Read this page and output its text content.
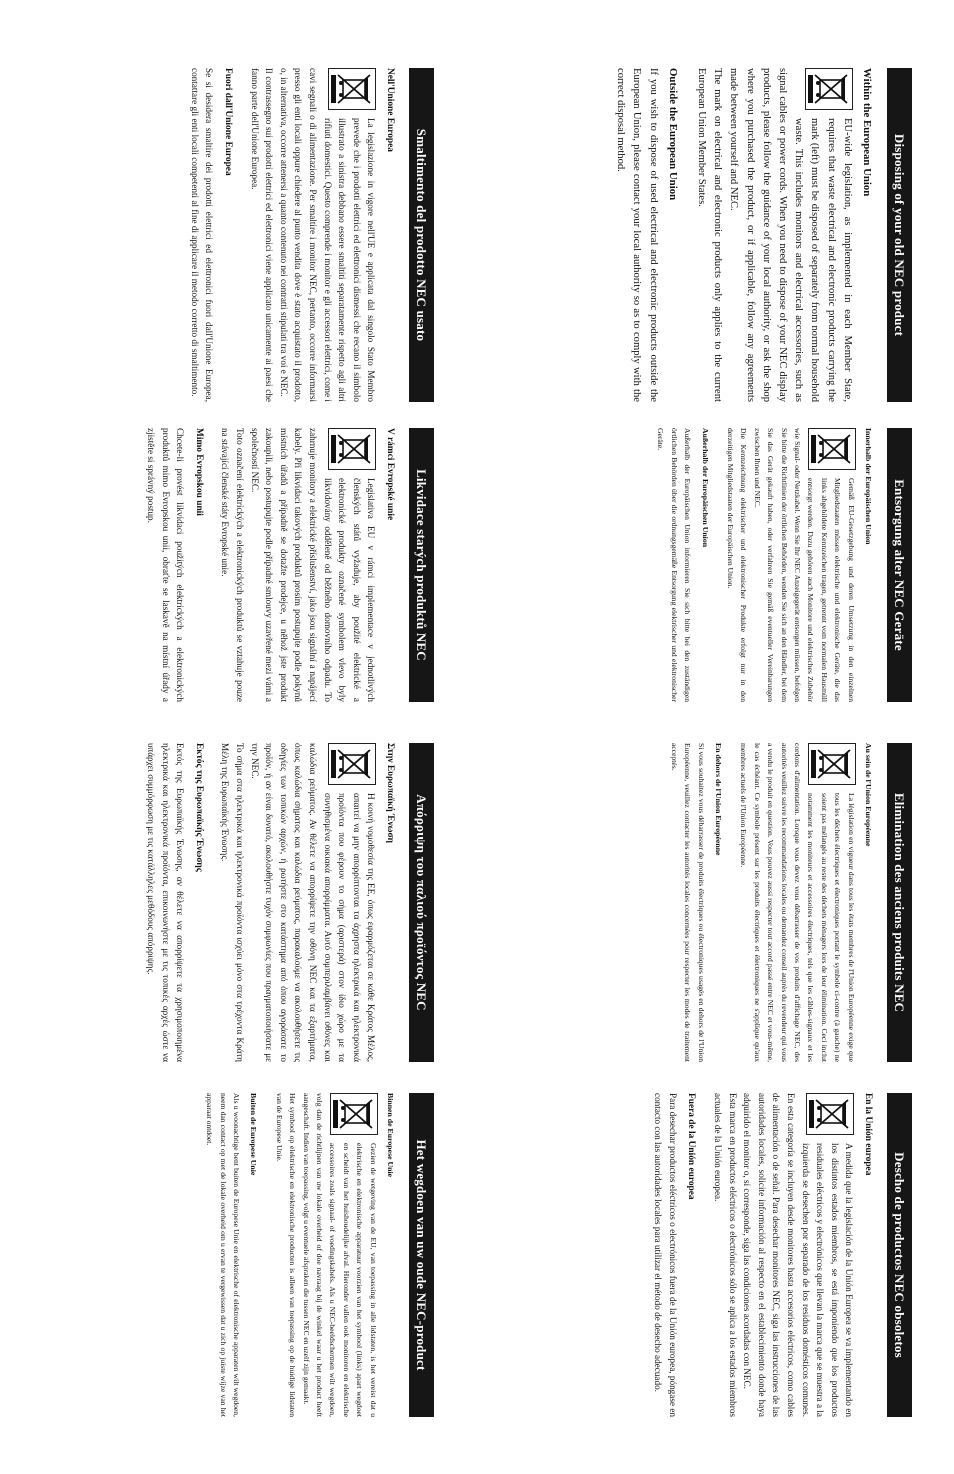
Disposing of your old NEC product
Within the European Union

EU-wide legislation, as implemented in each Member State, requires that waste electrical and electronic products carrying the mark (left) must be disposed of separately from normal household waste. This includes monitors and electrical accessories, such as signal cables or power cords. When you need to dispose of your NEC display products, please follow the guidance of your local authority, or ask the shop where you purchased the product, or if applicable, follow any agreements made between yourself and NEC.

The mark on electrical and electronic products only applies to the current European Union Member States.

Outside the European Union

If you wish to dispose of used electrical and electronic products outside the European Union, please contact your local authority so as to comply with the correct disposal method.

Entsorgung alter NEC Geräte
Innerhalb der Europäischen Union

Gemäß EU-Gesetzgebung und deren Umsetzung in den einzelnen Mitgliedstaaten müssen elektrische und elektronische Geräte, die das links abgebildete Kennzeichen tragen, getrennt vom normalen Hausmüll entsorgt werden. Dazu gehören auch Monitore und elektrisches Zubehör wie Signal- oder Netzkabel. Wenn Sie Ihr NEC Anzeigegerät entsorgen müssen, befolgen Sie bitte die Richtlinien der örtlichen Behörden, wenden Sie sich an den Händler, bei dem Sie das Gerät gekauft haben, oder verfahren Sie gemäß eventueller Vereinbarungen zwischen Ihnen und NEC.

Die Kennzeichnung elektrischer und elektronischer Produkte erfolgt nur in den derzeitigen Mitgliedstaaten der Europäischen Union.

Außerhalb der Europäischen Union

Außerhalb der Europäischen Union informieren Sie sich bitte bei den zuständigen örtlichen Behörden über die ordnungsgemäße Entsorgung elektrischer und elektronischer Geräte.

Elimination des anciens produits NEC
Au sein de l'Union Européenne

La législation en vigueur dans tous les états membres de l'Union Européenne exige que tous les déchets électriques et électroniques portant le symbole ci-contre (à gauche) ne soient pas mélangés au reste des déchets ménagers lors de leur élimination. Ceci inclut notamment les moniteurs et accessoires électriques, tels que les câbles-signaux et les cordons d'alimentation. Lorsque vous devez vous débarrasser de vos produits d'affichage NEC, des autorités veuillez suivre les recommandations locales ou demandez conseil auprès du revendeur qui vous a vendu le produit en question. Vous pouvez aussi respecter tout accord passé entre NEC et vous-même, le cas échéant. Ce symbole présent sur les produits électriques et électroniques ne s'applique qu'aux membres actuels de l'Union Européenne.

En dehors de l'Union Européenne

Si vous souhaitez vous débarrasser de produits électriques ou électroniques usagés en dehors de l'Union Européenne, veuillez contacter les autorités locales concernées pour respecter les modes de traitement acceptés.

Descho de productos NEC obsoletos
En la Unión europea

A medida que la legislación de la Unión Europea se va implementando en los distintos estados miembros, se está imponiendo que los productos residuales eléctricos y electrónicos que llevan la marca que se muestra a la izquierda se desechen por separado de los residuos domésticos comunes. En esta categoría se incluyen desde monitores hasta accesorios eléctricos, como cables de alimentación o de señal. Para desechar monitores NEC, siga las instrucciones de las autoridades locales, solicite información al respecto en el establecimiento donde haya adquirido el monitor o, si corresponde, siga las condiciones acordadas con NEC.

Esta marca en productos eléctricos o electrónicos sólo se aplica a los estados miembros actuales de la Unión europea.

Fuera de la Unión europea

Para desechar productos eléctricos o electrónicos fuera de la Unión europea, póngase en contacto con las autoridades locales para utilizar el método de desecho adecuado.

Smaltimento del prodotto NEC usato
Nell'Unione Europea

La legislazione in vigore nell'UE e applicata dal singolo Stato Membro prevede che i prodotti elettrici ed elettronici dismessi che recano il simbolo illustrato a sinistra debbano essere smaltiti separatamente rispetto agli altri rifiuti domestici. Questo comprende i monitor e gli accessori elettrici, come i cavi segnali o di alimentazione. Per smaltire i monitor NEC, pertanto, occorre informarsi presso gli enti locali oppure chiedere al punto vendita dove è stato acquistato il prodotto, o, in alternativa, occorre attenersi a quanto contenuto nei contratti stipulati tra voi e NEC.

Il contrassegno sui prodotti elettrici ed elettronici viene applicato unicamente ai paesi che fanno parte dell'Unione Europea.

Fuori dall'Unione Europea

Se si desidera smaltire dei prodotti elettrici ed elettronici fuori dall'Unione Europea, contattare gli enti locali competenti al fine di applicare il metodo corretto di smaltimento.

Likvidace starých produktů NEC
V rámci Evropské unie

Legislativa EU v rámci implementace v jednotlivých členských států vyžaduje, aby použité elektrické a elektronické produkty označené symbolem vlevo byly likvidovány odděleně od běžného domovního odpadu. To zahrnuje monitory a elektrické příslušenství, jako jsou signální a napájecí kabely. Při likvidaci takových produktů prosím postupujte podle pokynů místních úřadů a případně se dotažte prodejce, u něhož jste produkt zakoupili, nebo postupujte podle případné smlouvy uzavřené mezi vámi a společností NEC.

Toto označení elektrických a elektronických produktů se vztahuje pouze na stávající členské státy Evropské unie.

Mimo Evropskou unii

Chcete-li provést likvidaci použitých elektrických a elektronických produktů mimo Evropskou unii, obraťte se laskavě na místní úřady a zjistěte si správný postup.

Απόρριψη του παλιού προϊόντος NEC
Στην Ευρωπαϊκή Ένωση

Η κοινή νομοθεσία της ΕΕ, όπως εφαρμόζεται σε κάθε Κράτος Μέλος, απαιτεί να μην απορρίπτονται τα άχρηστα ηλεκτρικά και ηλεκτρονικά προϊόντα που φέρουν το σήμα (αριστερά) στον ίδιο χώρο με τα συνηθισμένα οικιακά απορρίμματα. Αυτό συμπεριλαμβάνει οθόνες και καλώδια ρεύματος. Αν θέλετε να απορρίψετε την οθόνη NEC και τα εξαρτήματα, όπως καλώδια σήματος και καλώδια ρεύματος, παρακαλούμε να ακολουθήσετε τις οδηγίες των τοπικών αρχών, ή ρωτήστε στο κατάστημα από όπου αγοράσατε το προϊόν, ή αν είναι δυνατό, ακολουθήστε τυχόν συμφωνίες που πραγματοποιήσατε με την NEC.

Το σήμα στα ηλεκτρικά και ηλεκτρονικά προϊόντα ισχύει μόνο στα τρέχοντα Κράτη Μέλη της Ευρωπαϊκής Ένωσης.

Εκτός της Ευρωπαϊκής Ένωσης

Εκτός της Ευρωπαϊκής Ένωσης, αν θέλετε να απορρίψετε τα χρησιμοποιημένα ηλεκτρικά και ηλεκτρονικά προϊόντα, επικοινωνήστε με τις τοπικές αρχές ώστε να υπάρχει συμμόρφωση με τις κατάλληλες μεθόδους απόρριψης.

Het wegdoen van uw oude NEC-product
Binnen de Europese Unie

Gezien de wetgeving van de EU, van toepassing in alle lidstaten, is het vereist dat u elektrische en elektronische apparatuur voorzien van het symbool (links) apart wegdoet en scheidt van het huishoudelijke afval. Hieronder vallen ook monitoren en elektrische accessoires zoals signaal- of voedingskabels. Als u NEC-beeldschermen wilt wegdoen, volg dan de richtlijnen van uw lokale overheid of doe navraag bij de winkel waar u het product heeft aangeschaft. Indien van toepassing, volgt u eventuele afspraken die tussen NEC en uzelf zijn gemaakt.

Het symbool op elektrische en elektronische producten is alleen van toepassing op de huidige lidstaten van de Europese Unie.

Buiten de Europese Unie

Als u woonachtige bent buiten de Europese Unie en elektrische of elektronische apparaten wilt wegdoen, neem dan contact op met de lokale overheid om u ervan te vergewissen dat u zich op juiste wijze van het apparaat ontdoet.
